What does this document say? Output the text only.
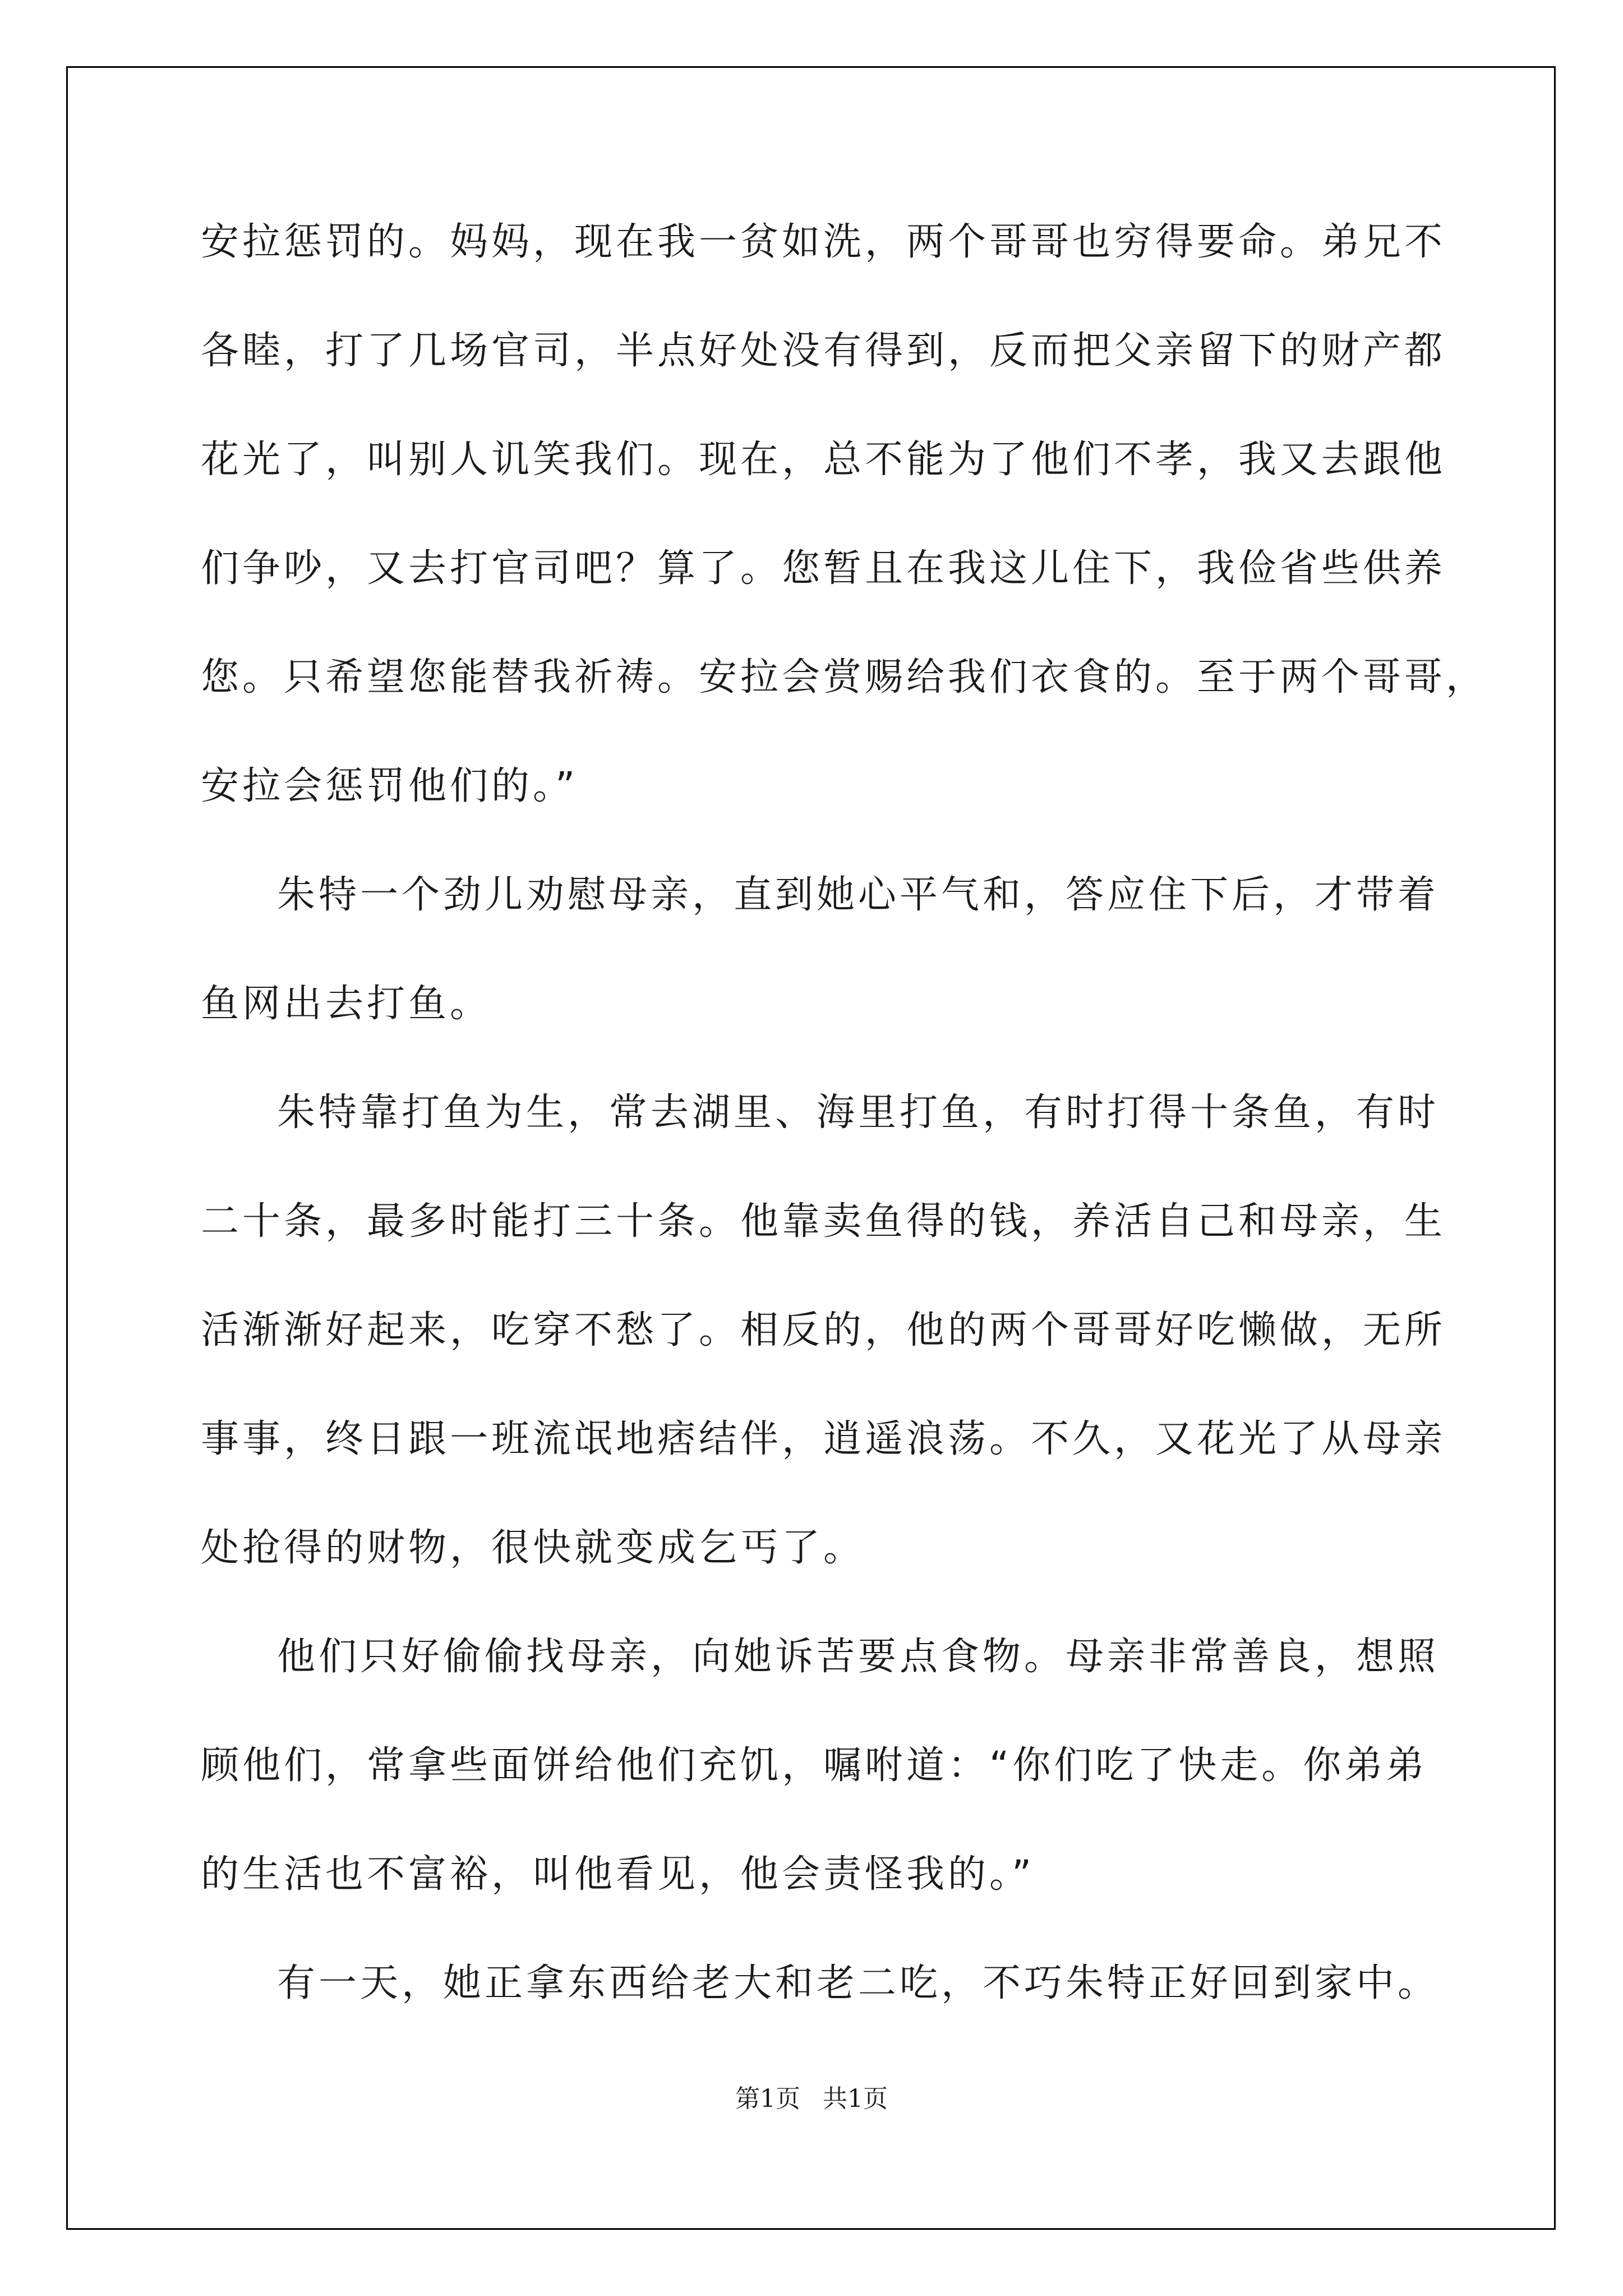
安拉惩罚的。妈妈，现在我一贫如洗，两个哥哥也穷得要命。弟兄不
各睦，打了几场官司，半点好处没有得到，反而把父亲留下的财产都
花光了，叫别人讥笑我们。现在，总不能为了他们不孝，我又去跟他
们争吵，又去打官司吧？算了。您暂且在我这儿住下，我俭省些供养
您。只希望您能替我祈祷。安拉会赏赐给我们衣食的。至于两个哥哥，
安拉会惩罚他们的。”
朱特一个劲儿劝慰母亲，直到她心平气和，答应住下后，才带着
鱼网出去打鱼。
朱特靠打鱼为生，常去湖里、海里打鱼，有时打得十条鱼，有时
二十条，最多时能打三十条。他靠卖鱼得的钱，养活自己和母亲，生
活渐渐好起来，吃穿不愁了。相反的，他的两个哥哥好吃懒做，无所
事事，终日跟一班流氓地痞结伴，逍遥浪荡。不久，又花光了从母亲
处抢得的财物，很快就变成乞丐了。
他们只好偷偷找母亲，向她诉苦要点食物。母亲非常善良，想照
顾他们，常拿些面饼给他们充饥，嘱咐道：“你们吃了快走。你弟弟
的生活也不富裕，叫他看见，他会责怪我的。”
有一天，她正拿东西给老大和老二吃，不巧朱特正好回到家中。
第1页 共1页
